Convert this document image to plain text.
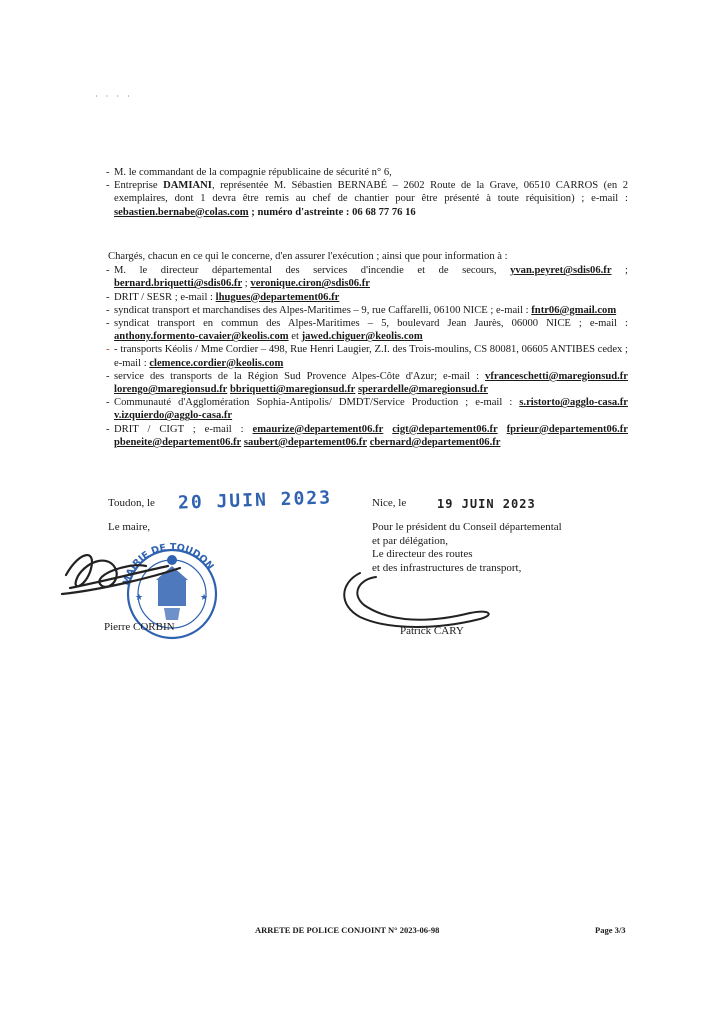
· · · ·
- M. le commandant de la compagnie républicaine de sécurité n° 6,
- Entreprise DAMIANI, représentée M. Sébastien BERNABÉ – 2602 Route de la Grave, 06510 CARROS (en 2 exemplaires, dont 1 devra être remis au chef de chantier pour être présenté à toute réquisition) ; e-mail : sebastien.bernabe@colas.com ; numéro d'astreinte : 06 68 77 76 16
Chargés, chacun en ce qui le concerne, d'en assurer l'exécution ; ainsi que pour information à :
- M. le directeur départemental des services d'incendie et de secours, yvan.peyret@sdis06.fr ; bernard.briquetti@sdis06.fr ; veronique.ciron@sdis06.fr
- DRIT / SESR ; e-mail : lhugues@departement06.fr
- syndicat transport et marchandises des Alpes-Maritimes – 9, rue Caffarelli, 06100 NICE ; e-mail : fntr06@gmail.com
- syndicat transport en commun des Alpes-Maritimes – 5, boulevard Jean Jaurès, 06000 NICE ; e-mail : anthony.formento-cavaier@keolis.com et jawed.chiguer@keolis.com
- - transports Kéolis / Mme Cordier – 498, Rue Henri Laugier, Z.I. des Trois-moulins, CS 80081, 06605 ANTIBES cedex ; e-mail : clemence.cordier@keolis.com
- service des transports de la Région Sud Provence Alpes-Côte d'Azur; e-mail : vfranceschetti@maregionsud.fr lorengo@maregionsud.fr bbriquetti@maregionsud.fr sperardelle@maregionsud.fr
- Communauté d'Agglomération Sophia-Antipolis/ DMDT/Service Production ; e-mail : s.ristorto@agglo-casa.fr v.izquierdo@agglo-casa.fr
- DRIT / CIGT ; e-mail : emaurize@departement06.fr cigt@departement06.fr fprieur@departement06.fr pbeneite@departement06.fr saubert@departement06.fr cbernard@departement06.fr
Toudon, le 20 JUIN 2023
Le maire,
MAIRIE DE TOUDON
★	★
Pierre CORBIN
Nice, le	19 JUIN 2023
Pour le président du Conseil départemental
et par délégation,
Le directeur des routes
et des infrastructures de transport,
Patrick CARY
ARRETE DE POLICE CONJOINT N° 2023-06-98	Page 3/3
